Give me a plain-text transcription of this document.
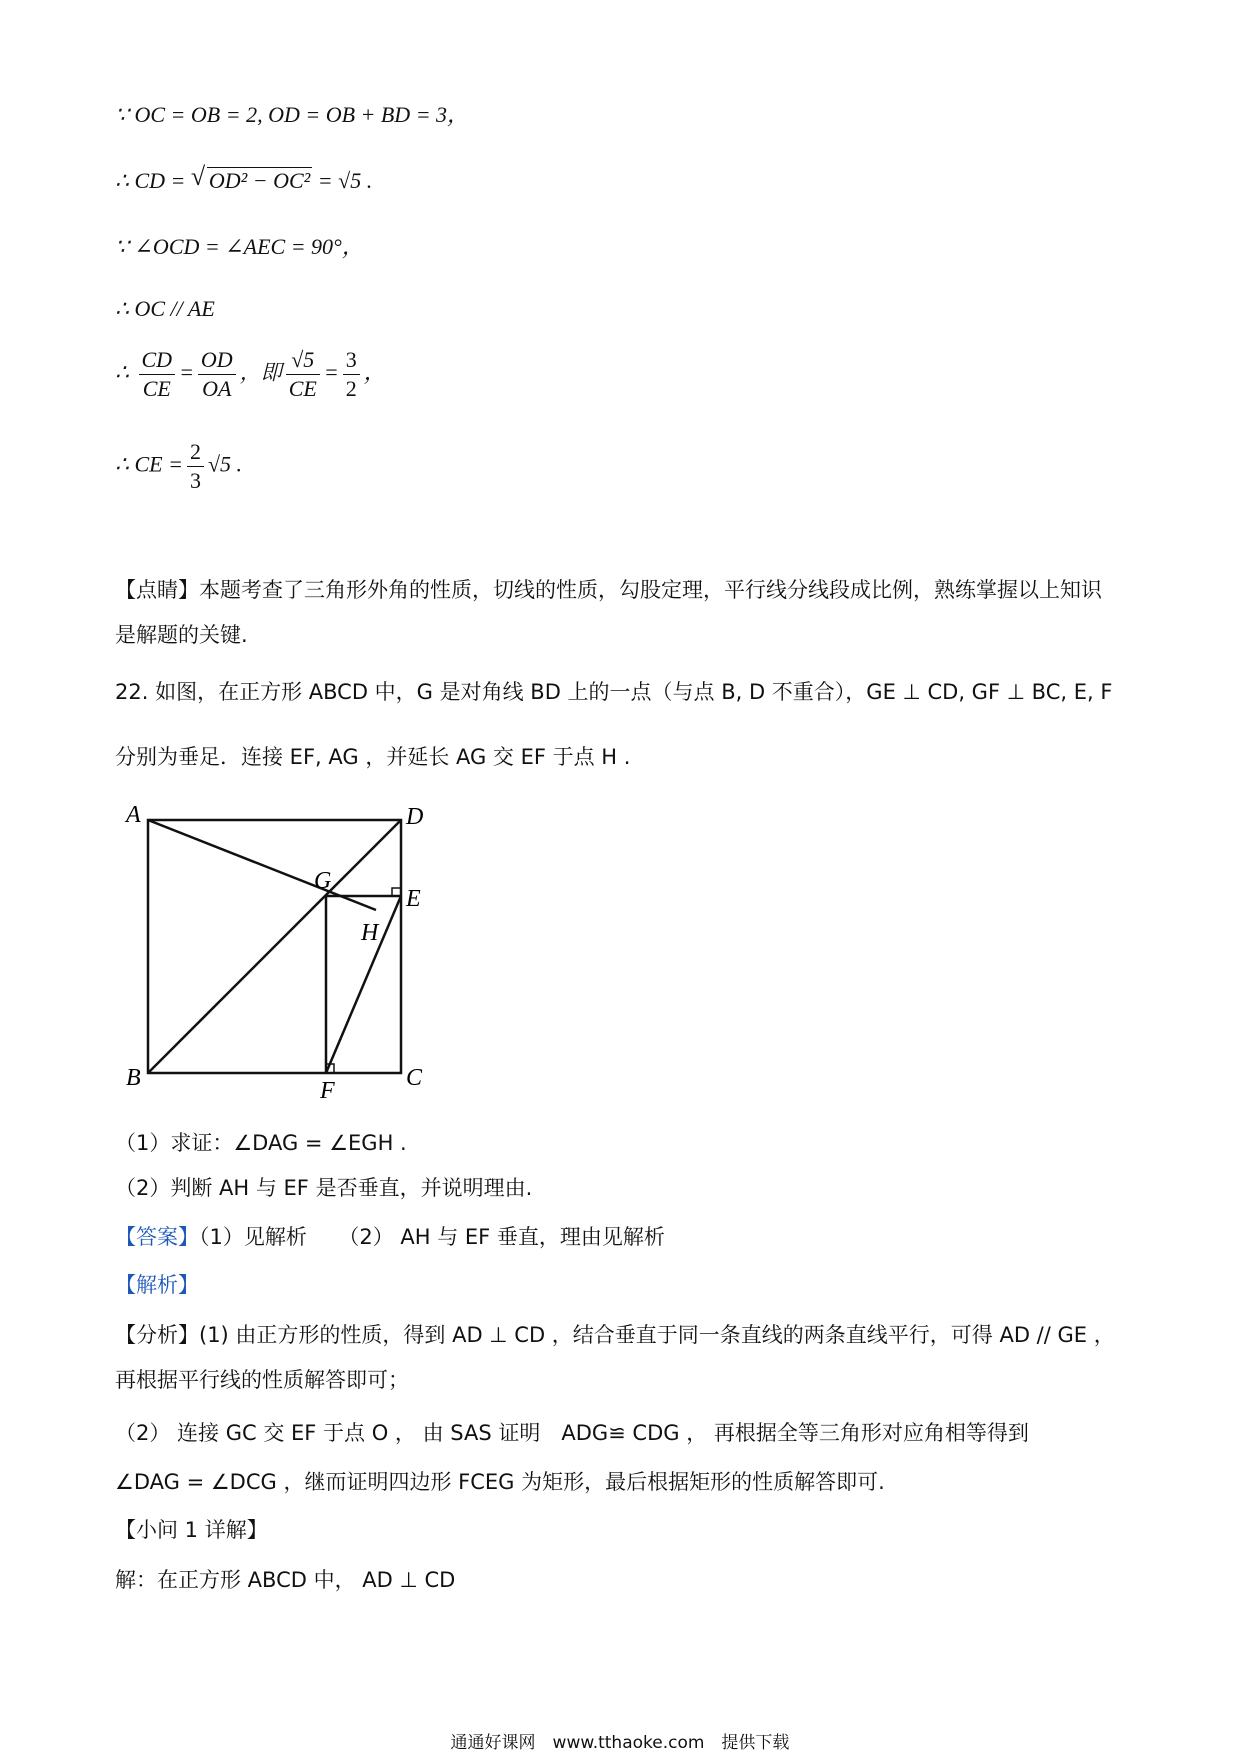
∵ OC = OB = 2, OD = OB + BD = 3，
∴ CD = √ OD² − OC² = √5 .
∵ ∠OCD = ∠AEC = 90°，
∴ OC // AE
∴ $\frac{CD}{CE} = \frac{OD}{OA}$ ，即 $\frac{√5}{CE} = \frac{3}{2}$ ，
∴ CE = $\frac{2}{3} √5$ .
【点睛】本题考查了三角形外角的性质，切线的性质，勾股定理，平行线分线段成比例，熟练掌握以上知识
是解题的关键.
22. 如图，在正方形 ABCD 中，G 是对角线 BD 上的一点（与点 B, D 不重合），GE ⊥ CD, GF ⊥ BC, E, F
分别为垂足．连接 EF, AG ，并延长 AG 交 EF 于点 H .
A	D
G
E
H
B	F	C
（1）求证：∠DAG = ∠EGH .
（2）判断 AH 与 EF 是否垂直，并说明理由.
【答案】（1）见解析　　（2） AH 与 EF 垂直，理由见解析
【解析】
【分析】(1) 由正方形的性质，得到 AD ⊥ CD ，结合垂直于同一条直线的两条直线平行，可得 AD // GE ，
再根据平行线的性质解答即可；
（2） 连接 GC 交 EF 于点 O ， 由 SAS 证明　ADG≌ CDG ， 再根据全等三角形对应角相等得到
∠DAG = ∠DCG ，继而证明四边形 FCEG 为矩形，最后根据矩形的性质解答即可.
【小问 1 详解】
解：在正方形 ABCD 中， AD ⊥ CD
通通好课网　www.tthaoke.com　提供下载
